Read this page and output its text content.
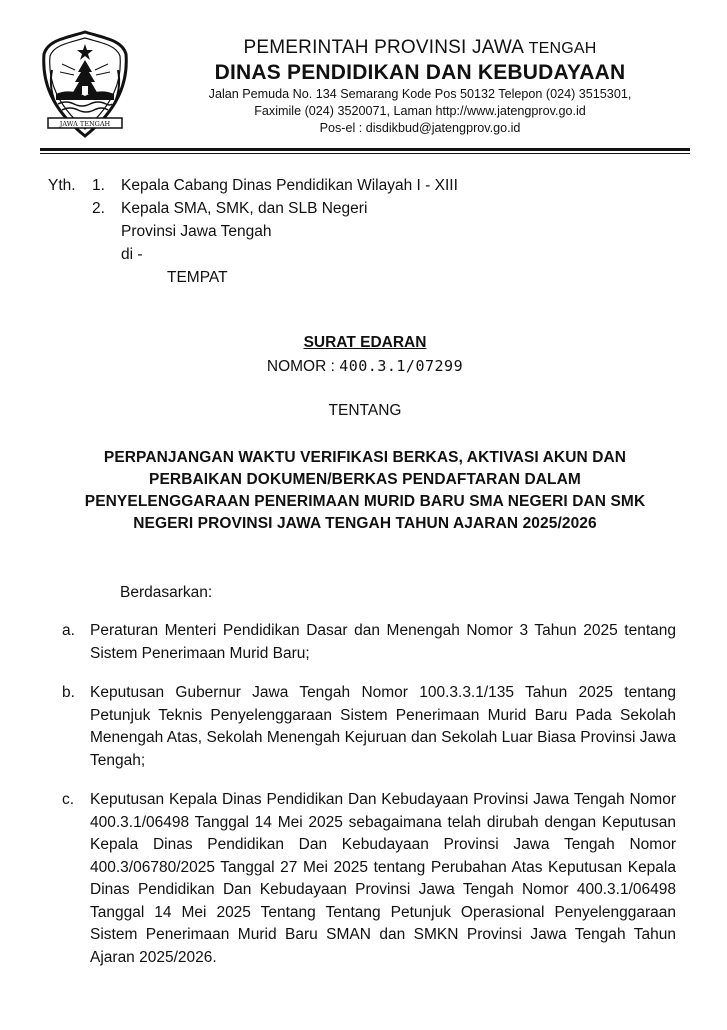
JAWA TENGAH
PEMERINTAH PROVINSI JAWA TENGAH
DINAS PENDIDIKAN DAN KEBUDAYAAN
Jalan Pemuda No. 134 Semarang Kode Pos 50132 Telepon (024) 3515301,
Faximile (024) 3520071, Laman http://www.jatengprov.go.id
Pos-el : disdikbud@jatengprov.go.id
Yth.	1.	Kepala Cabang Dinas Pendidikan Wilayah I - XIII
2.	Kepala SMA, SMK, dan SLB Negeri
Provinsi Jawa Tengah
di -
TEMPAT
SURAT EDARAN
NOMOR : 400.3.1/07299
TENTANG
PERPANJANGAN WAKTU VERIFIKASI BERKAS, AKTIVASI AKUN DAN
PERBAIKAN DOKUMEN/BERKAS PENDAFTARAN DALAM
PENYELENGGARAAN PENERIMAAN MURID BARU SMA NEGERI DAN SMK
NEGERI PROVINSI JAWA TENGAH TAHUN AJARAN 2025/2026
Berdasarkan:
a. Peraturan Menteri Pendidikan Dasar dan Menengah Nomor 3 Tahun 2025 tentang Sistem Penerimaan Murid Baru;
b. Keputusan Gubernur Jawa Tengah Nomor 100.3.3.1/135 Tahun 2025 tentang Petunjuk Teknis Penyelenggaraan Sistem Penerimaan Murid Baru Pada Sekolah Menengah Atas, Sekolah Menengah Kejuruan dan Sekolah Luar Biasa Provinsi Jawa Tengah;
c.	Keputusan Kepala Dinas Pendidikan Dan Kebudayaan Provinsi Jawa Tengah Nomor 400.3.1/06498 Tanggal 14 Mei 2025 sebagaimana telah dirubah dengan Keputusan Kepala Dinas Pendidikan Dan Kebudayaan Provinsi Jawa Tengah Nomor 400.3/06780/2025 Tanggal 27 Mei 2025 tentang Perubahan Atas Keputusan Kepala Dinas Pendidikan Dan Kebudayaan Provinsi Jawa Tengah Nomor 400.3.1/06498 Tanggal 14 Mei 2025 Tentang Tentang Petunjuk Operasional Penyelenggaraan Sistem Penerimaan Murid Baru SMAN dan SMKN Provinsi Jawa Tengah Tahun Ajaran 2025/2026.
